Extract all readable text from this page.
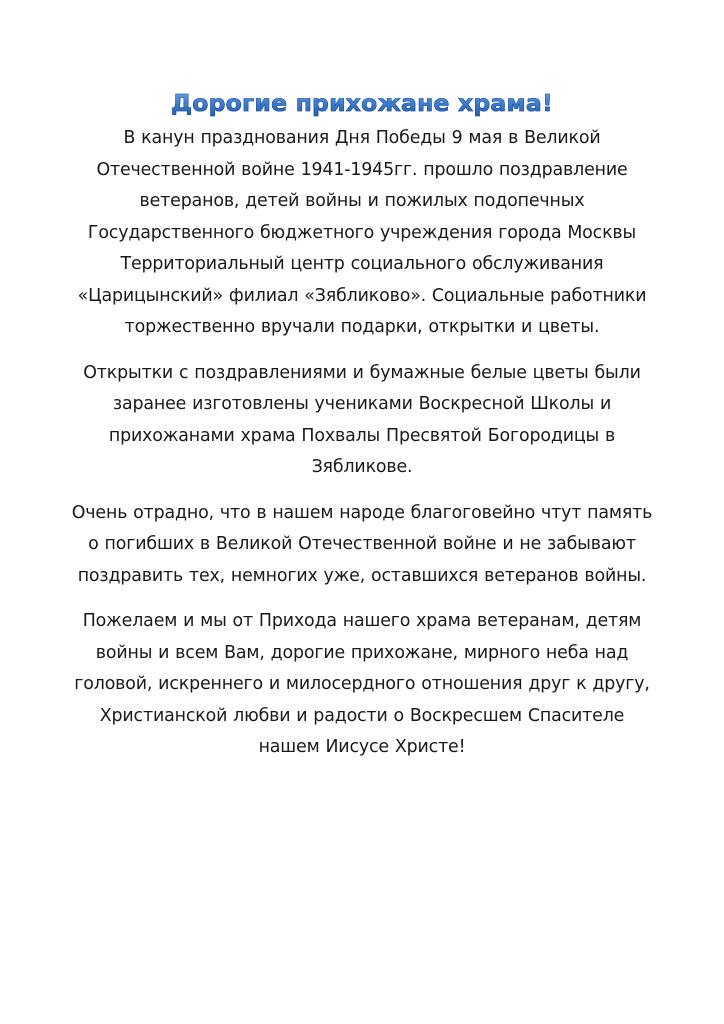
Дорогие прихожане храма!

В канун празднования Дня Победы 9 мая в Великой
Отечественной войне 1941-1945гг. прошло поздравление
ветеранов, детей войны и пожилых подопечных
Государственного бюджетного учреждения города Москвы
Территориальный центр социального обслуживания
«Царицынский» филиал «Зябликово». Социальные работники
торжественно вручали подарки, открытки и цветы.

Открытки с поздравлениями и бумажные белые цветы были
заранее изготовлены учениками Воскресной Школы и
прихожанами храма Похвалы Пресвятой Богородицы в
Зябликове.

Очень отрадно, что в нашем народе благоговейно чтут память
о погибших в Великой Отечественной войне и не забывают
поздравить тех, немногих уже, оставшихся ветеранов войны.

Пожелаем и мы от Прихода нашего храма ветеранам, детям
войны и всем Вам, дорогие прихожане, мирного неба над
головой, искреннего и милосердного отношения друг к другу,
Христианской любви и радости о Воскресшем Спасителе
нашем Иисусе Христе!
